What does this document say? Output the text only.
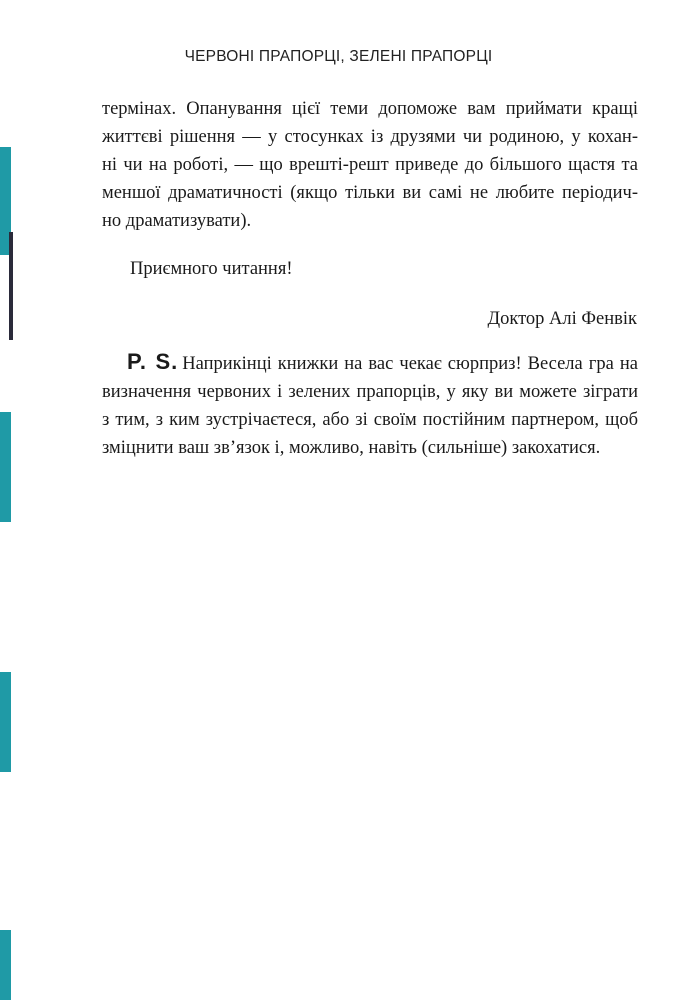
ЧЕРВОНІ ПРАПОРЦІ, ЗЕЛЕНІ ПРАПОРЦІ
термінах. Опанування цієї теми допоможе вам приймати кращі
життєві рішення — у стосунках із друзями чи родиною, у кохан-
ні чи на роботі, — що врешті-решт приведе до більшого щастя та
меншої драматичності (якщо тільки ви самі не любите періодич-
но драматизувати).
Приємного читання!
Доктор Алі Фенвік
P. S. Наприкінці книжки на вас чекає сюрприз! Весела гра на
визначення червоних і зелених прапорців, у яку ви можете зіграти
з тим, з ким зустрічаєтеся, або зі своїм постійним партнером, щоб
зміцнити ваш зв’язок і, можливо, навіть (сильніше) закохатися.
